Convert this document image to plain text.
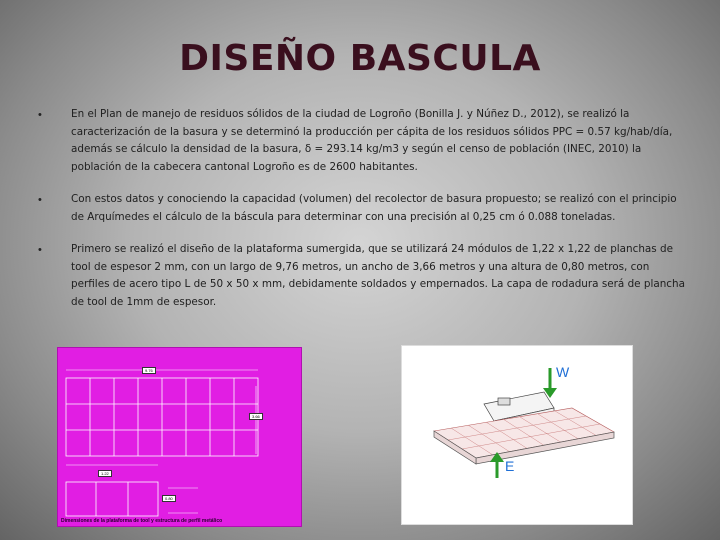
DISEÑO BASCULA
•	En el Plan de manejo de residuos sólidos de la ciudad de Logroño (Bonilla J. y Núñez D., 2012), se realizó la caracterización de la basura y se determinó la producción per cápita de los residuos sólidos PPC = 0.57 kg/hab/día, además se cálculo la densidad de la basura, δ = 293.14 kg/m3 y según el censo de población (INEC, 2010) la población de la cabecera cantonal Logroño es de 2600 habitantes.
•	Con estos datos y conociendo la capacidad (volumen) del recolector de basura propuesto; se realizó con el principio de Arquímedes el cálculo de la báscula para determinar con una precisión al 0,25 cm ó 0.088 toneladas.
•	Primero se realizó el diseño de la plataforma sumergida, que se utilizará 24 módulos de 1,22 x 1,22 de planchas de tool de espesor 2 mm, con un largo de 9,76 metros, un ancho de 3,66 metros y una altura de 0,80 metros, con perfiles de acero tipo L de 50 x 50 x mm, debidamente soldados y empernados. La capa de rodadura será de plancha de tool de 1mm de espesor.
9.76
3.66
1.22
0.80
Dimensiones de la plataforma de tool y estructura de perfil metálico
W
E
